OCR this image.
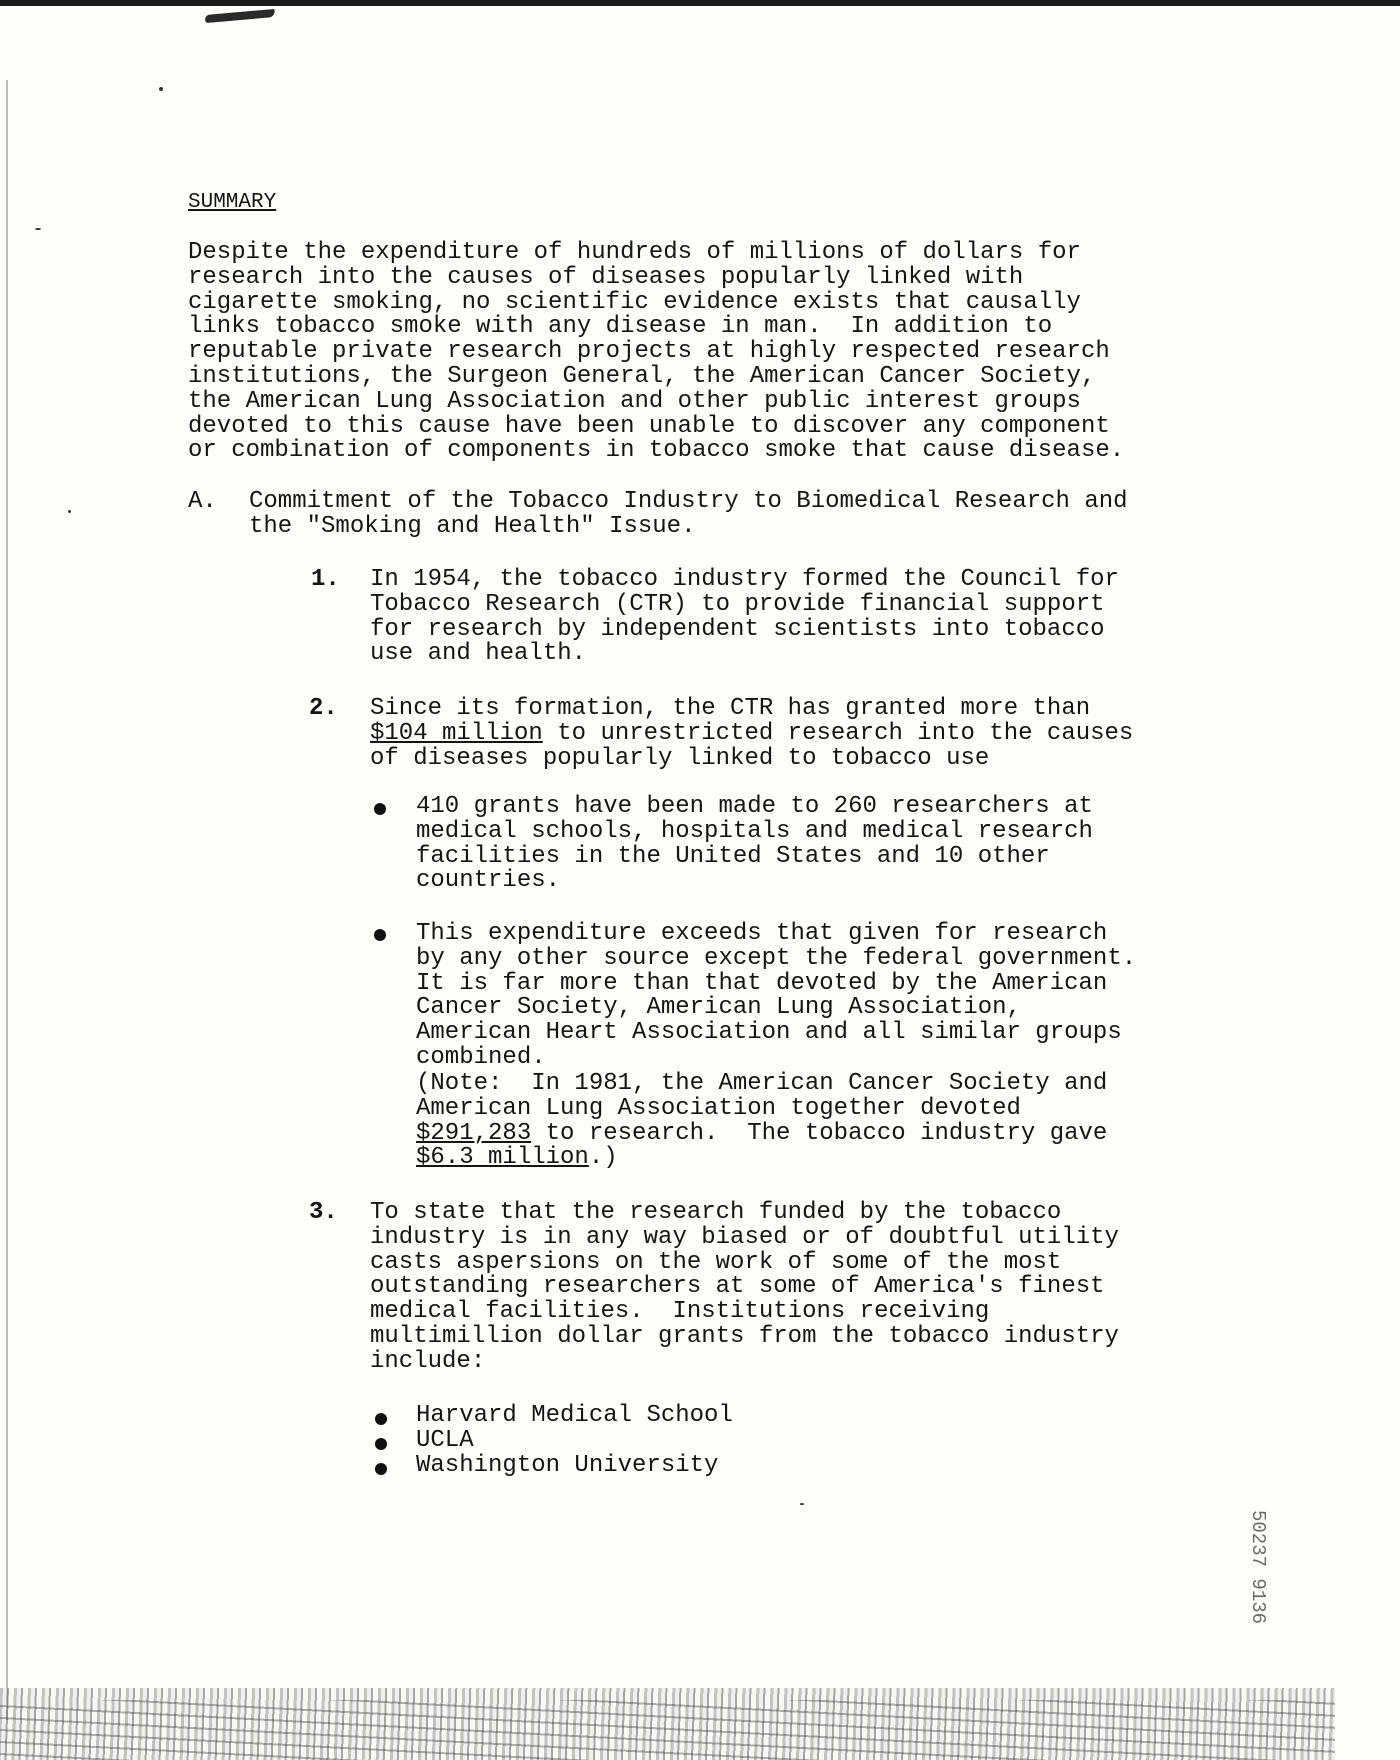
SUMMARY
Despite the expenditure of hundreds of millions of dollars for
research into the causes of diseases popularly linked with
cigarette smoking, no scientific evidence exists that causally
links tobacco smoke with any disease in man.  In addition to
reputable private research projects at highly respected research
institutions, the Surgeon General, the American Cancer Society,
the American Lung Association and other public interest groups
devoted to this cause have been unable to discover any component
or combination of components in tobacco smoke that cause disease.
A. Commitment of the Tobacco Industry to Biomedical Research and
the "Smoking and Health" Issue.
1. In 1954, the tobacco industry formed the Council for
Tobacco Research (CTR) to provide financial support
for research by independent scientists into tobacco
use and health.
2. Since its formation, the CTR has granted more than
$104 million to unrestricted research into the causes
of diseases popularly linked to tobacco use
410 grants have been made to 260 researchers at
medical schools, hospitals and medical research
facilities in the United States and 10 other
countries.
This expenditure exceeds that given for research
by any other source except the federal government.
It is far more than that devoted by the American
Cancer Society, American Lung Association,
American Heart Association and all similar groups
combined.
(Note:  In 1981, the American Cancer Society and
American Lung Association together devoted
$291,283 to research.  The tobacco industry gave
$6.3 million.)
3. To state that the research funded by the tobacco
industry is in any way biased or of doubtful utility
casts aspersions on the work of some of the most
outstanding researchers at some of America's finest
medical facilities.  Institutions receiving
multimillion dollar grants from the tobacco industry
include:
Harvard Medical School
UCLA
Washington University
50237 9136
